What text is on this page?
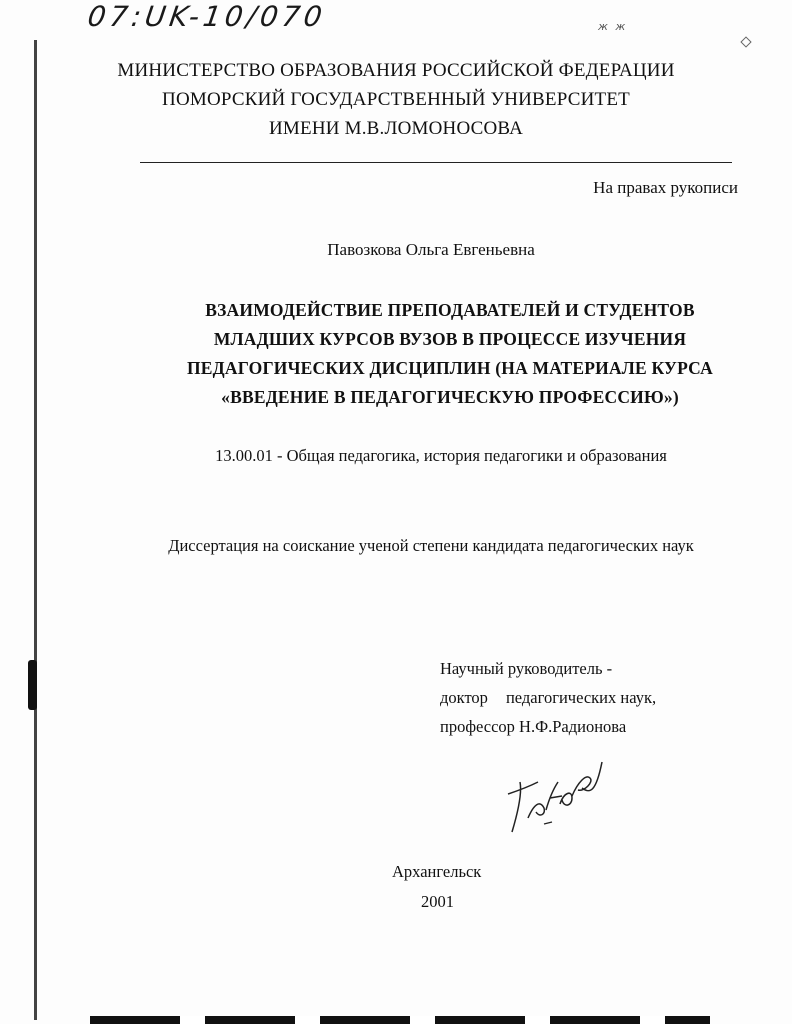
07:UK-10/070	ж ж
МИНИСТЕРСТВО ОБРАЗОВАНИЯ РОССИЙСКОЙ ФЕДЕРАЦИИ
ПОМОРСКИЙ ГОСУДАРСТВЕННЫЙ УНИВЕРСИТЕТ
ИМЕНИ М.В.ЛОМОНОСОВА
На правах рукописи
Павозкова Ольга Евгеньевна
ВЗАИМОДЕЙСТВИЕ ПРЕПОДАВАТЕЛЕЙ И СТУДЕНТОВ
МЛАДШИХ КУРСОВ ВУЗОВ В ПРОЦЕССЕ ИЗУЧЕНИЯ
ПЕДАГОГИЧЕСКИХ ДИСЦИПЛИН (НА МАТЕРИАЛЕ КУРСА
«ВВЕДЕНИЕ В ПЕДАГОГИЧЕСКУЮ ПРОФЕССИЮ»)
13.00.01 - Общая педагогика, история педагогики и образования
Диссертация на соискание ученой степени кандидата педагогических наук
Научный руководитель -
доктор педагогических наук,
профессор Н.Ф.Радионова
Архангельск
2001
